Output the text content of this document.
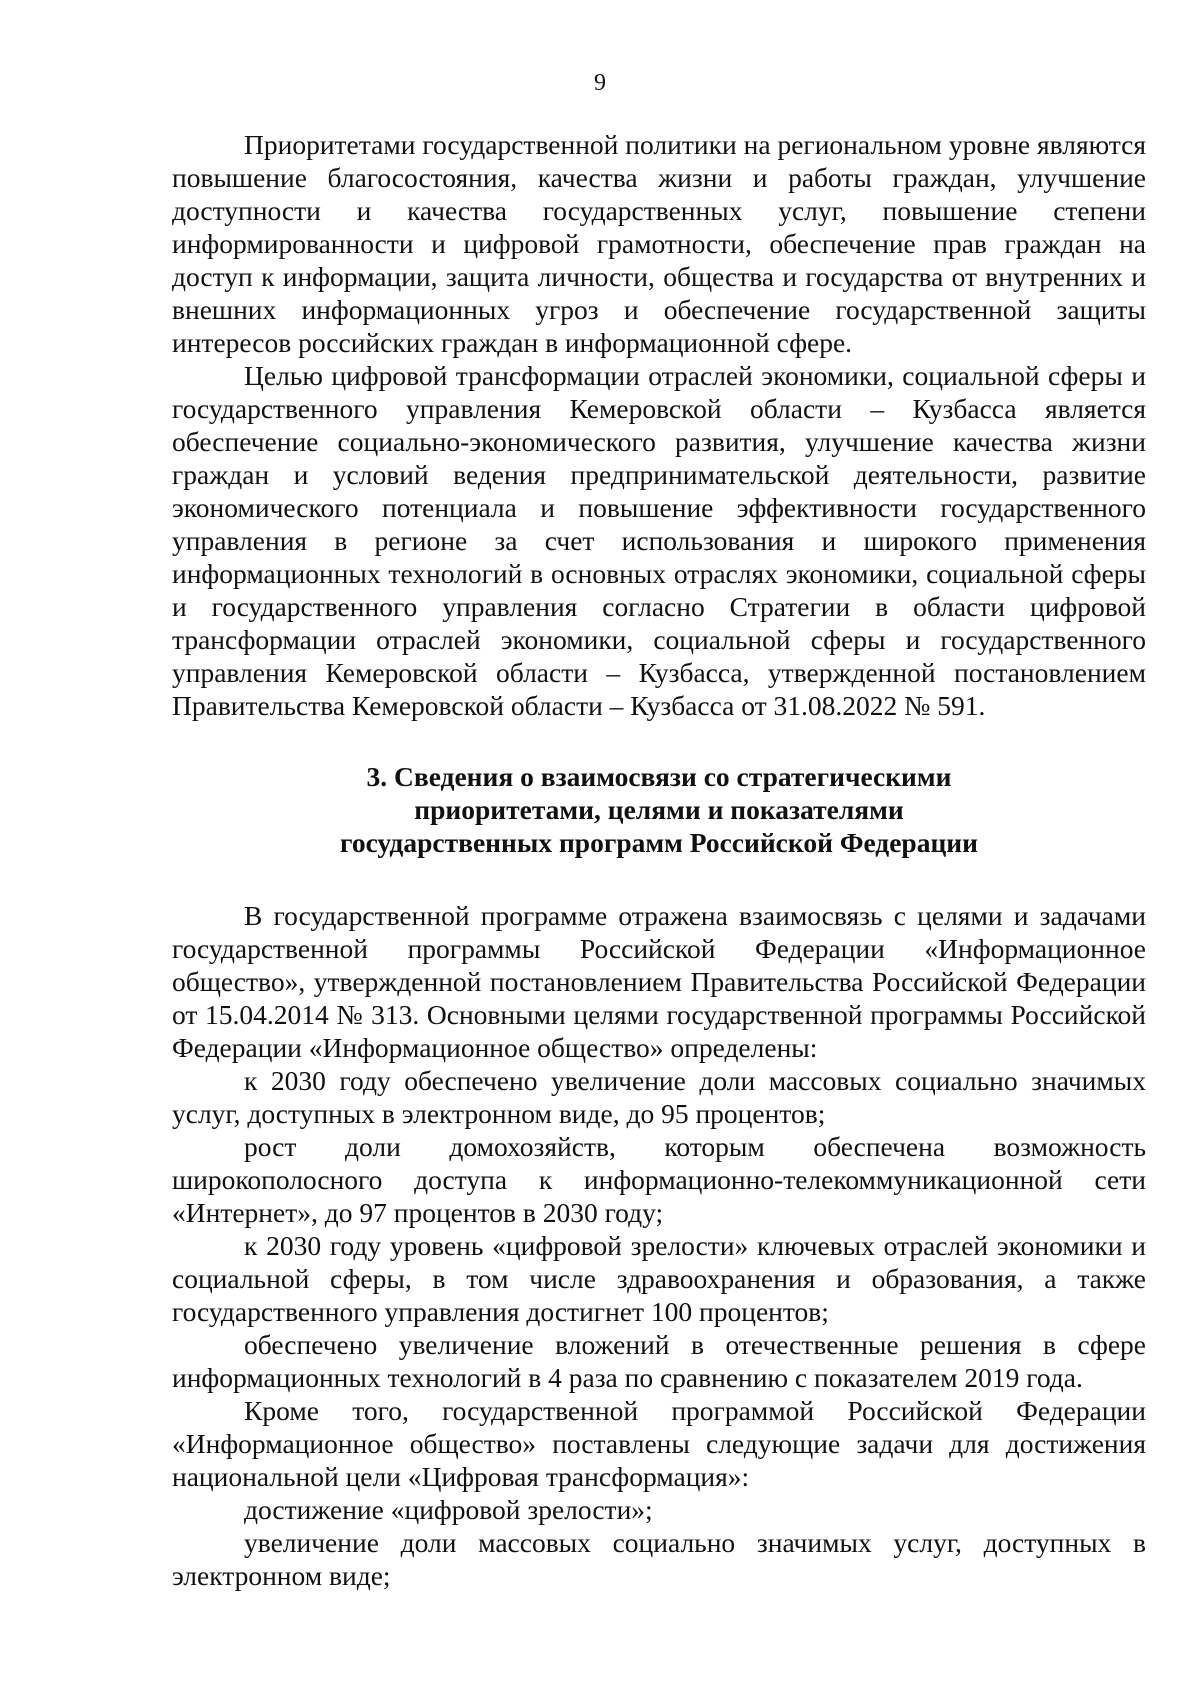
9

Приоритетами государственной политики на региональном уровне являются повышение благосостояния, качества жизни и работы граждан, улучшение доступности и качества государственных услуг, повышение степени информированности и цифровой грамотности, обеспечение прав граждан на доступ к информации, защита личности, общества и государства от внутренних и внешних информационных угроз и обеспечение государственной защиты интересов российских граждан в информационной сфере.

Целью цифровой трансформации отраслей экономики, социальной сферы и государственного управления Кемеровской области – Кузбасса является обеспечение социально-экономического развития, улучшение качества жизни граждан и условий ведения предпринимательской деятельности, развитие экономического потенциала и повышение эффективности государственного управления в регионе за счет использования и широкого применения информационных технологий в основных отраслях экономики, социальной сферы и государственного управления согласно Стратегии в области цифровой трансформации отраслей экономики, социальной сферы и государственного управления Кемеровской области – Кузбасса, утвержденной постановлением Правительства Кемеровской области – Кузбасса от 31.08.2022 № 591.

3. Сведения о взаимосвязи со стратегическими
приоритетами, целями и показателями
государственных программ Российской Федерации

В государственной программе отражена взаимосвязь с целями и задачами государственной программы Российской Федерации «Информационное общество», утвержденной постановлением Правительства Российской Федерации от 15.04.2014 № 313. Основными целями государственной программы Российской Федерации «Информационное общество» определены:

к 2030 году обеспечено увеличение доли массовых социально значимых услуг, доступных в электронном виде, до 95 процентов;

рост доли домохозяйств, которым обеспечена возможность широкополосного доступа к информационно-телекоммуникационной сети «Интернет», до 97 процентов в 2030 году;

к 2030 году уровень «цифровой зрелости» ключевых отраслей экономики и социальной сферы, в том числе здравоохранения и образования, а также государственного управления достигнет 100 процентов;

обеспечено увеличение вложений в отечественные решения в сфере информационных технологий в 4 раза по сравнению с показателем 2019 года.

Кроме того, государственной программой Российской Федерации «Информационное общество» поставлены следующие задачи для достижения национальной цели «Цифровая трансформация»:

достижение «цифровой зрелости»;

увеличение доли массовых социально значимых услуг, доступных в электронном виде;
